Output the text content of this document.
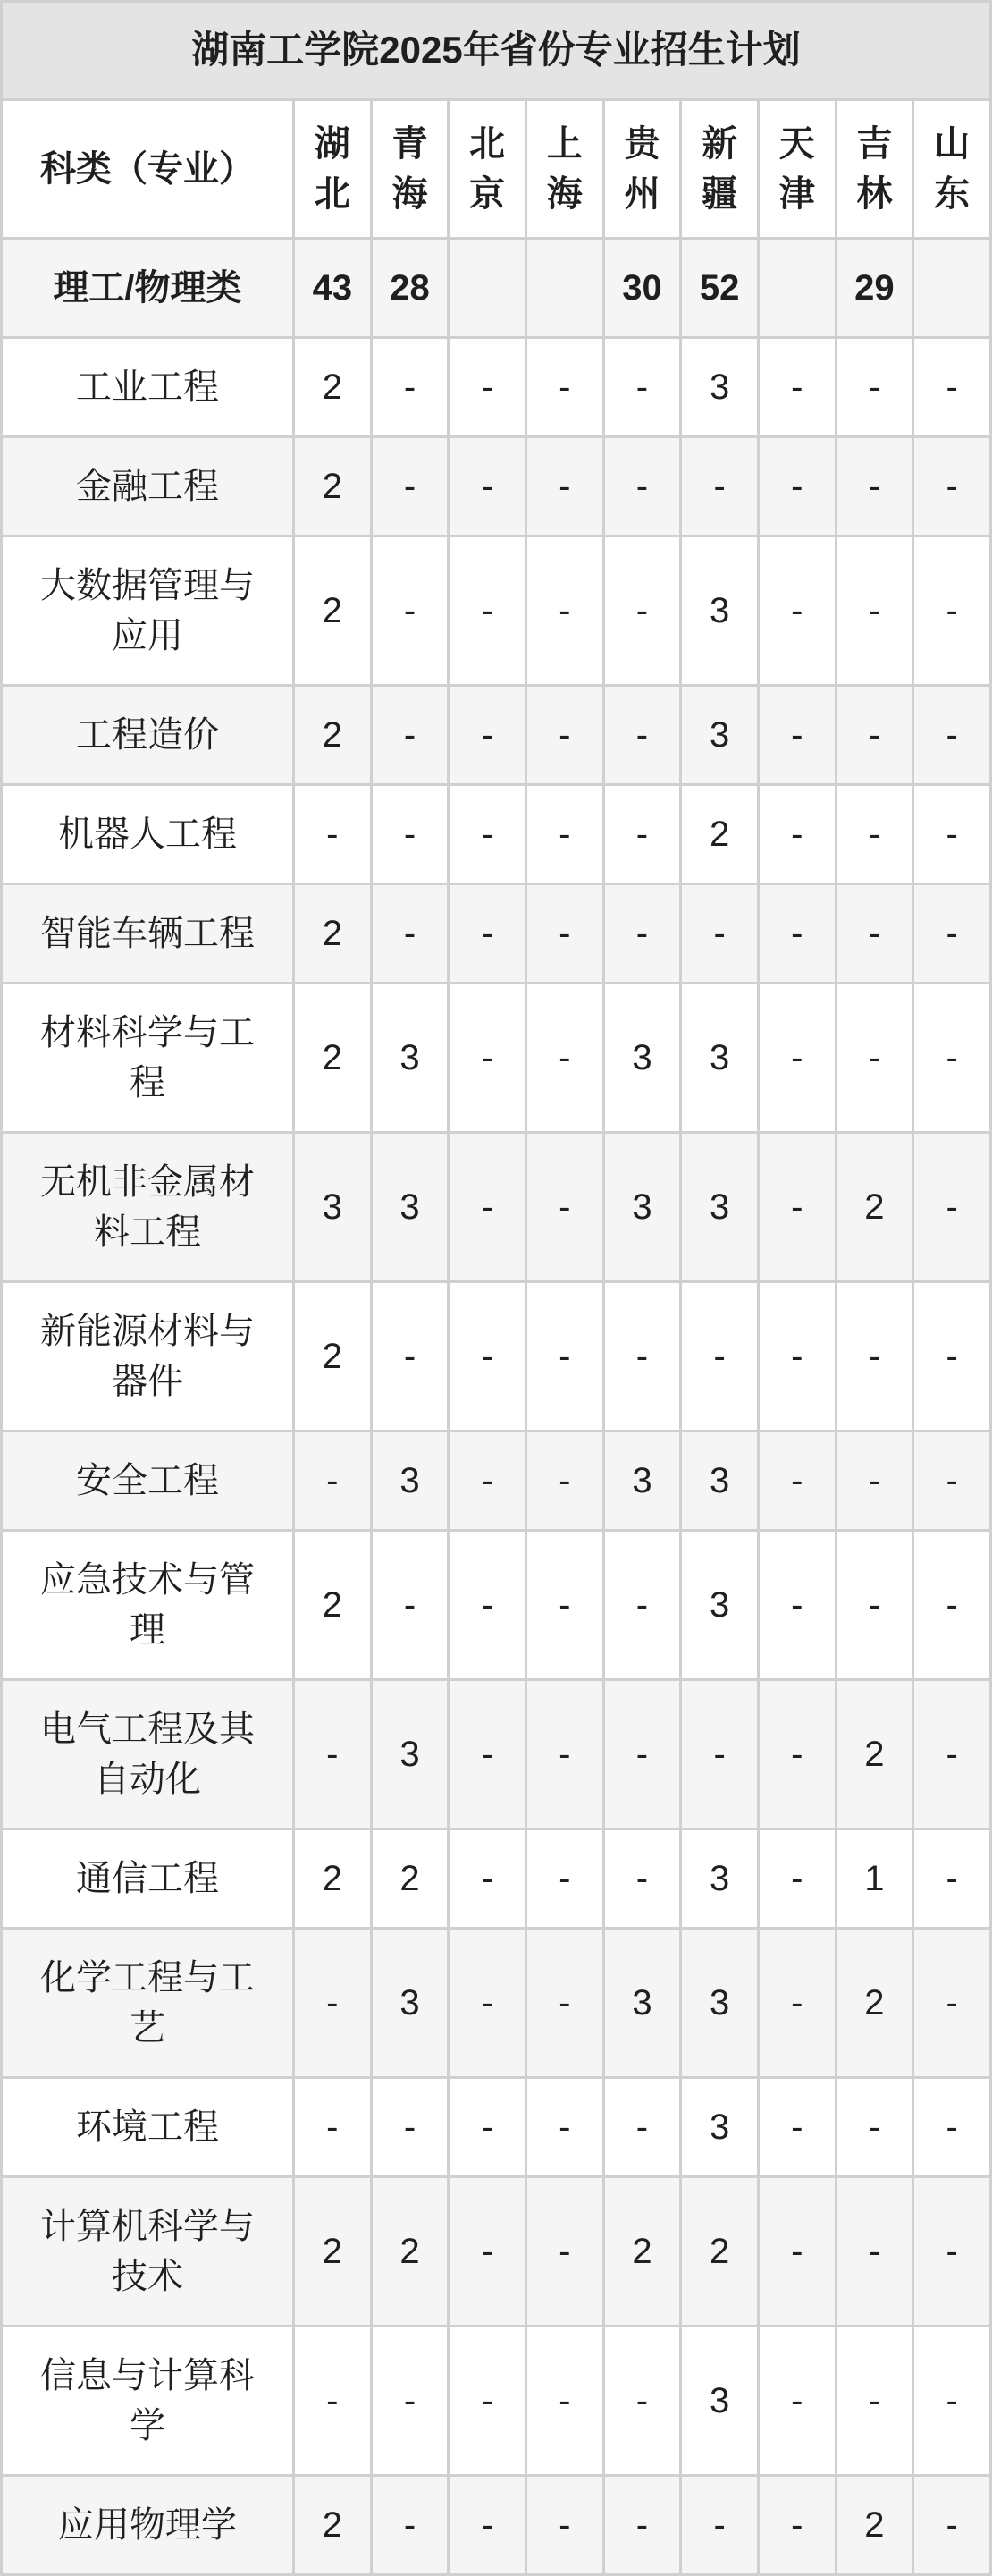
湖南工学院2025年省份专业招生计划									
科类（专业）	湖北	青海	北京	上海	贵州	新疆	天津	吉林	山东
理工/物理类	43	28			30	52		29	
工业工程	2	-	-	-	-	3	-	-	-
金融工程	2	-	-	-	-	-	-	-	-
大数据管理与应用	2	-	-	-	-	3	-	-	-
工程造价	2	-	-	-	-	3	-	-	-
机器人工程	-	-	-	-	-	2	-	-	-
智能车辆工程	2	-	-	-	-	-	-	-	-
材料科学与工程	2	3	-	-	3	3	-	-	-
无机非金属材料工程	3	3	-	-	3	3	-	2	-
新能源材料与器件	2	-	-	-	-	-	-	-	-
安全工程	-	3	-	-	3	3	-	-	-
应急技术与管理	2	-	-	-	-	3	-	-	-
电气工程及其自动化	-	3	-	-	-	-	-	2	-
通信工程	2	2	-	-	-	3	-	1	-
化学工程与工艺	-	3	-	-	3	3	-	2	-
环境工程	-	-	-	-	-	3	-	-	-
计算机科学与技术	2	2	-	-	2	2	-	-	-
信息与计算科学	-	-	-	-	-	3	-	-	-
应用物理学	2	-	-	-	-	-	-	2	-
